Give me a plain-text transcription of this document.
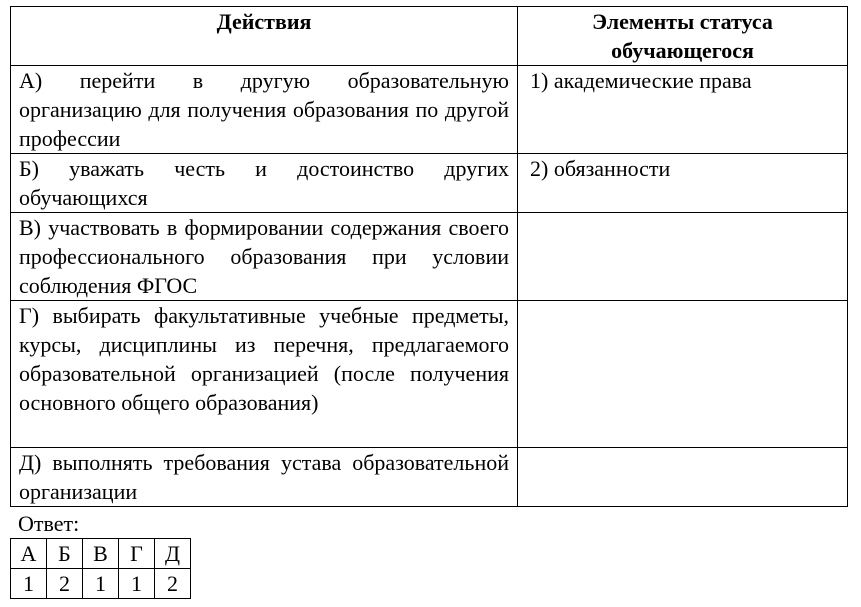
Действия	Элементы статуса обучающегося
А) перейти в другую образовательную организацию для получения образования по другой профессии	1) академические права
Б) уважать честь и достоинство других обучающихся	2) обязанности
В) участвовать в формировании содержания своего профессионального образования при условии соблюдения ФГОС	
Г) выбирать факультативные учебные предметы, курсы, дисциплины из перечня, предлагаемого образовательной организацией (после получения основного общего образования)	
Д) выполнять требования устава образовательной организации	
Ответ:
А	Б	В	Г	Д
1	2	1	1	2
